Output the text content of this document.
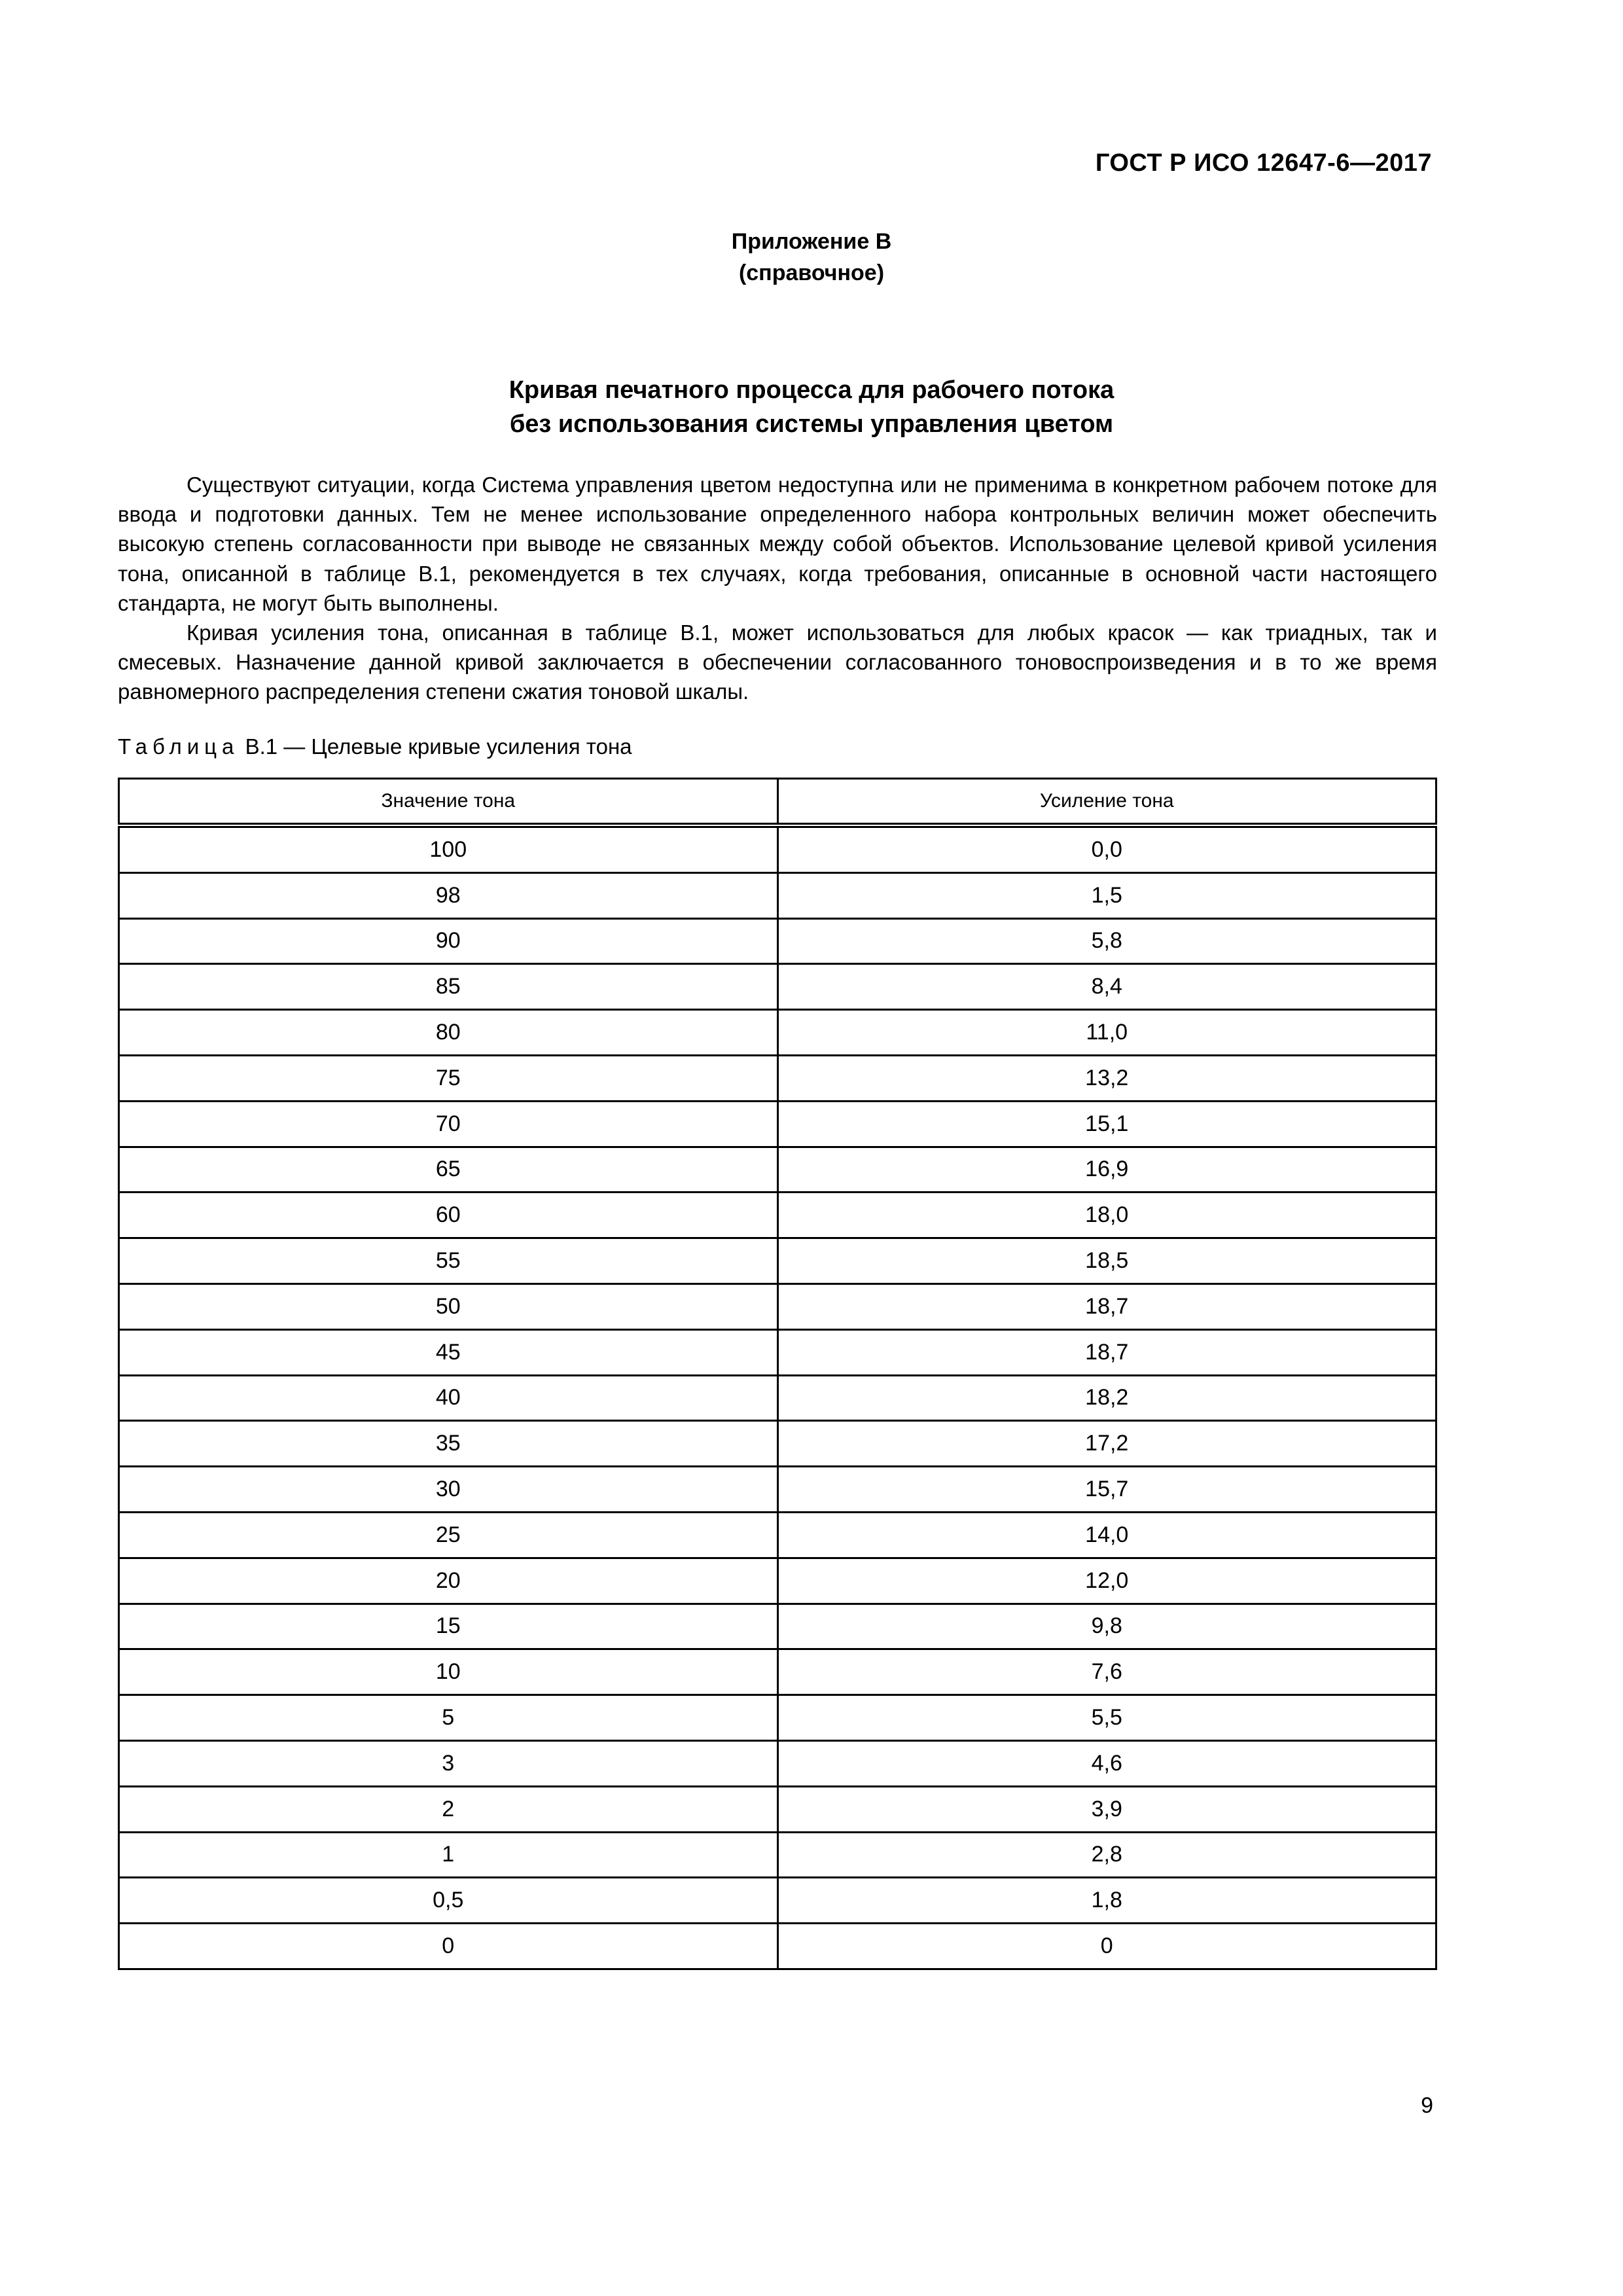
ГОСТ Р ИСО 12647-6—2017
Приложение В
(справочное)
Кривая печатного процесса для рабочего потока
без использования системы управления цветом

Существуют ситуации, когда Система управления цветом недоступна или не применима в конкретном рабочем потоке для ввода и подготовки данных. Тем не менее использование определенного набора контрольных величин может обеспечить высокую степень согласованности при выводе не связанных между собой объектов. Использование целевой кривой усиления тона, описанной в таблице В.1, рекомендуется в тех случаях, когда требования, описанные в основной части настоящего стандарта, не могут быть выполнены.

Кривая усиления тона, описанная в таблице В.1, может использоваться для любых красок — как триадных, так и смесевых. Назначение данной кривой заключается в обеспечении согласованного тоновоспроизведения и в то же время равномерного распределения степени сжатия тоновой шкалы.

Таблица В.1 — Целевые кривые усиления тона
Значение тона	Усиление тона
100	0,0
98	1,5
90	5,8
85	8,4
80	11,0
75	13,2
70	15,1
65	16,9
60	18,0
55	18,5
50	18,7
45	18,7
40	18,2
35	17,2
30	15,7
25	14,0
20	12,0
15	9,8
10	7,6
5	5,5
3	4,6
2	3,9
1	2,8
0,5	1,8
0	0
9
